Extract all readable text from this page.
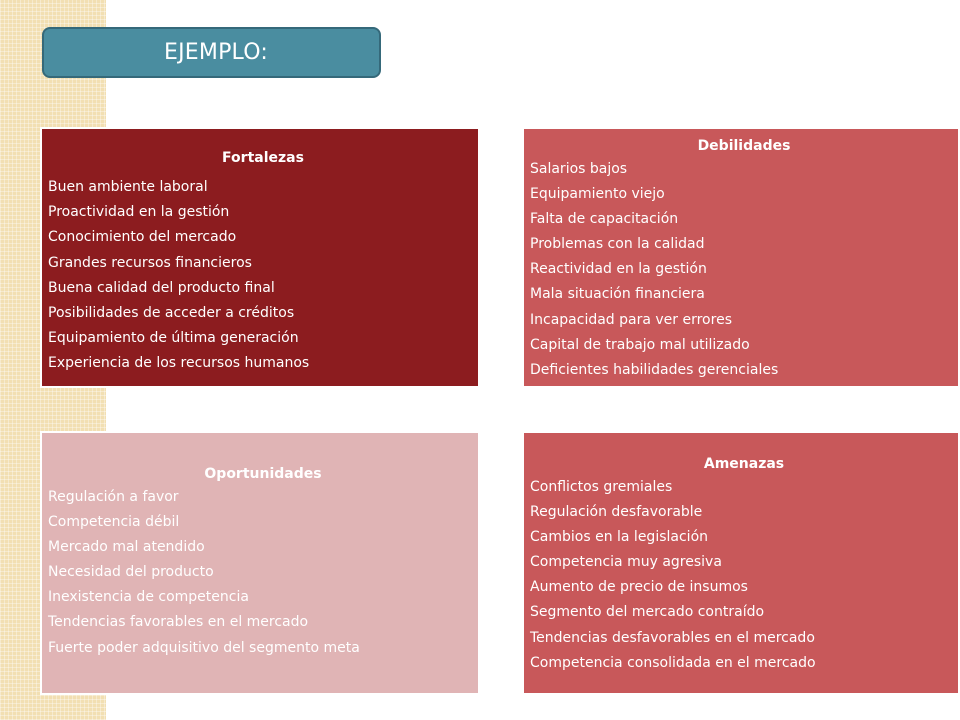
EJEMPLO:
Fortalezas
Buen ambiente laboral
Proactividad en la gestión
Conocimiento del mercado
Grandes recursos financieros
Buena calidad del producto final
Posibilidades de acceder a créditos
Equipamiento de última generación
Experiencia de los recursos humanos
Debilidades
Salarios bajos
Equipamiento viejo
Falta de capacitación
Problemas con la calidad
Reactividad en la gestión
Mala situación financiera
Incapacidad para ver errores
Capital de trabajo mal utilizado
Deficientes habilidades gerenciales
Oportunidades
Regulación a favor
Competencia débil
Mercado mal atendido
Necesidad del producto
Inexistencia de competencia
Tendencias favorables en el mercado
Fuerte poder adquisitivo del segmento meta
Amenazas
Conflictos gremiales
Regulación desfavorable
Cambios en la legislación
Competencia muy agresiva
Aumento de precio de insumos
Segmento del mercado contraído
Tendencias desfavorables en el mercado
Competencia consolidada en el mercado
